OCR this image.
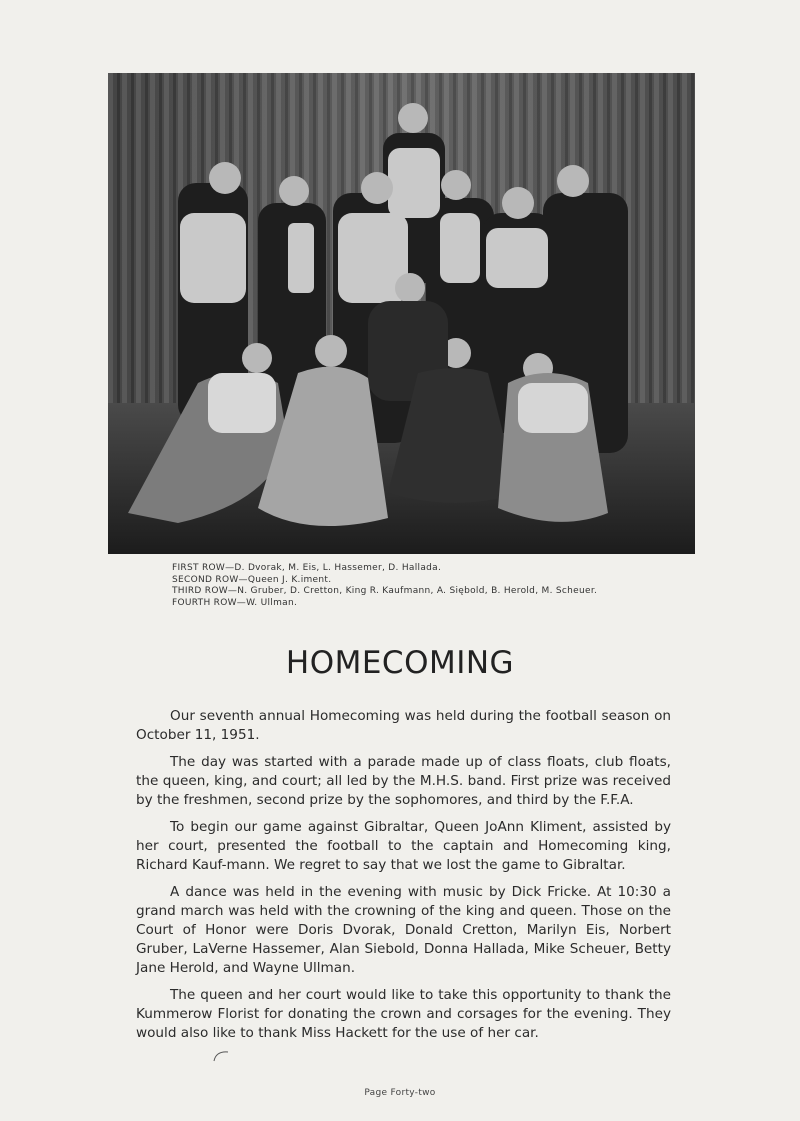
FIRST ROW—D. Dvorak, M. Eis, L. Hassemer, D. Hallada.
SECOND ROW—Queen J. K.iment.
THIRD ROW—N. Gruber, D. Cretton, King R. Kaufmann, A. Siębold, B. Herold, M. Scheuer.
FOURTH ROW—W. Ullman.
HOMECOMING

Our seventh annual Homecoming was held during the football season on October 11, 1951.

The day was started with a parade made up of class floats, club floats, the queen, king, and court; all led by the M.H.S. band. First prize was received by the freshmen, second prize by the sophomores, and third by the F.F.A.

To begin our game against Gibraltar, Queen JoAnn Kliment, assisted by her court, presented the football to the captain and Homecoming king, Richard Kauf-mann. We regret to say that we lost the game to Gibraltar.

A dance was held in the evening with music by Dick Fricke. At 10:30 a grand march was held with the crowning of the king and queen. Those on the Court of Honor were Doris Dvorak, Donald Cretton, Marilyn Eis, Norbert Gruber, LaVerne Hassemer, Alan Siebold, Donna Hallada, Mike Scheuer, Betty Jane Herold, and Wayne Ullman.

The queen and her court would like to take this opportunity to thank the Kummerow Florist for donating the crown and corsages for the evening. They would also like to thank Miss Hackett for the use of her car.

Page Forty-two
